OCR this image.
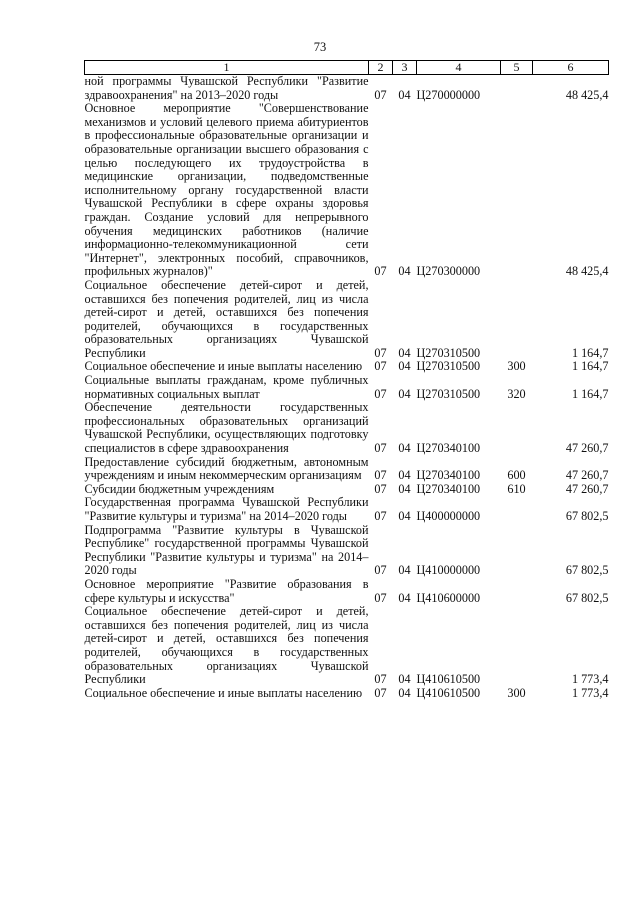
73
1	2	3	4	5	6
ной программы Чувашской Республики "Развитие здравоохранения" на 2013–2020 годы	07	04	Ц270000000		48 425,4
Основное мероприятие "Совершенствование механизмов и условий целевого приема абитуриентов в профессиональные образовательные организации и образовательные организации высшего образования с целью последующего их трудоустройства в медицинские организации, подведомственные исполнительному органу государственной власти Чувашской Республики в сфере охраны здоровья граждан. Создание условий для непрерывного обучения медицинских работников (наличие информационно-телекоммуникационной сети "Интернет", электронных пособий, справочников, профильных журналов)"	07	04	Ц270300000		48 425,4
Социальное обеспечение детей-сирот и детей, оставшихся без попечения родителей, лиц из числа детей-сирот и детей, оставшихся без попечения родителей, обучающихся в государственных образовательных организациях Чувашской Республики	07	04	Ц270310500		1 164,7
Социальное обеспечение и иные выплаты населению	07	04	Ц270310500	300	1 164,7
Социальные выплаты гражданам, кроме публичных нормативных социальных выплат	07	04	Ц270310500	320	1 164,7
Обеспечение деятельности государственных профессиональных образовательных организаций Чувашской Республики, осуществляющих подготовку специалистов в сфере здравоохранения	07	04	Ц270340100		47 260,7
Предоставление субсидий бюджетным, автономным учреждениям и иным некоммерческим организациям	07	04	Ц270340100	600	47 260,7
Субсидии бюджетным учреждениям	07	04	Ц270340100	610	47 260,7
Государственная программа Чувашской Республики "Развитие культуры и туризма" на 2014–2020 годы	07	04	Ц400000000		67 802,5
Подпрограмма "Развитие культуры в Чувашской Республике" государственной программы Чувашской Республики "Развитие культуры и туризма" на 2014–2020 годы	07	04	Ц410000000		67 802,5
Основное мероприятие "Развитие образования в сфере культуры и искусства"	07	04	Ц410600000		67 802,5
Социальное обеспечение детей-сирот и детей, оставшихся без попечения родителей, лиц из числа детей-сирот и детей, оставшихся без попечения родителей, обучающихся в государственных образовательных организациях Чувашской Республики	07	04	Ц410610500		1 773,4
Социальное обеспечение и иные выплаты населению	07	04	Ц410610500	300	1 773,4
